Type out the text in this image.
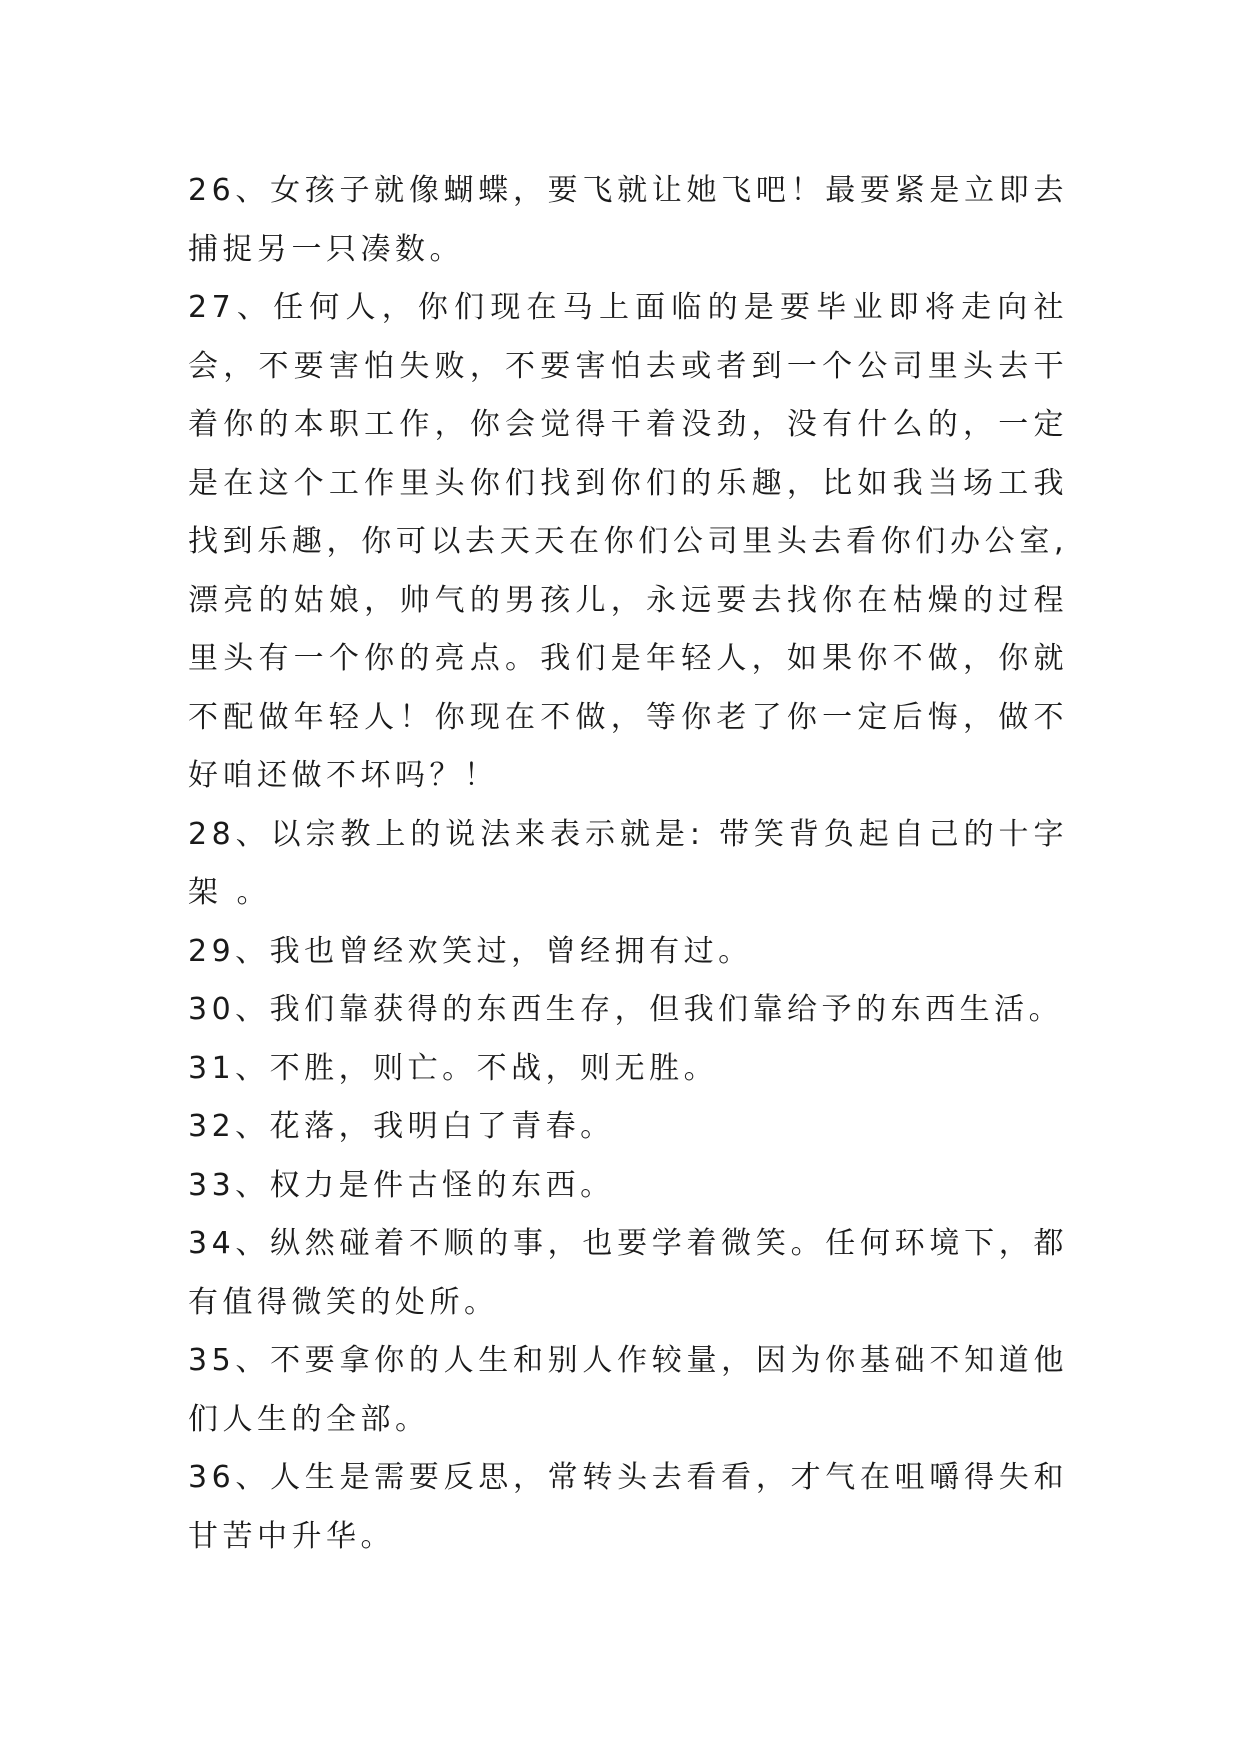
26、女孩子就像蝴蝶，要飞就让她飞吧！最要紧是立即去捕捉另一只凑数。

27、任何人，你们现在马上面临的是要毕业即将走向社会，不要害怕失败，不要害怕去或者到一个公司里头去干着你的本职工作，你会觉得干着没劲，没有什么的，一定是在这个工作里头你们找到你们的乐趣，比如我当场工我找到乐趣，你可以去天天在你们公司里头去看你们办公室,漂亮的姑娘，帅气的男孩儿，永远要去找你在枯燥的过程里头有一个你的亮点。我们是年轻人，如果你不做，你就不配做年轻人！你现在不做，等你老了你一定后悔，做不好咱还做不坏吗？！

28、以宗教上的说法来表示就是: 带笑背负起自己的十字架 。

29、我也曾经欢笑过，曾经拥有过。

30、我们靠获得的东西生存，但我们靠给予的东西生活。

31、不胜，则亡。不战，则无胜。

32、花落，我明白了青春。

33、权力是件古怪的东西。

34、纵然碰着不顺的事，也要学着微笑。任何环境下，都有值得微笑的处所。

35、不要拿你的人生和别人作较量，因为你基础不知道他们人生的全部。

36、人生是需要反思，常转头去看看，才气在咀嚼得失和甘苦中升华。
